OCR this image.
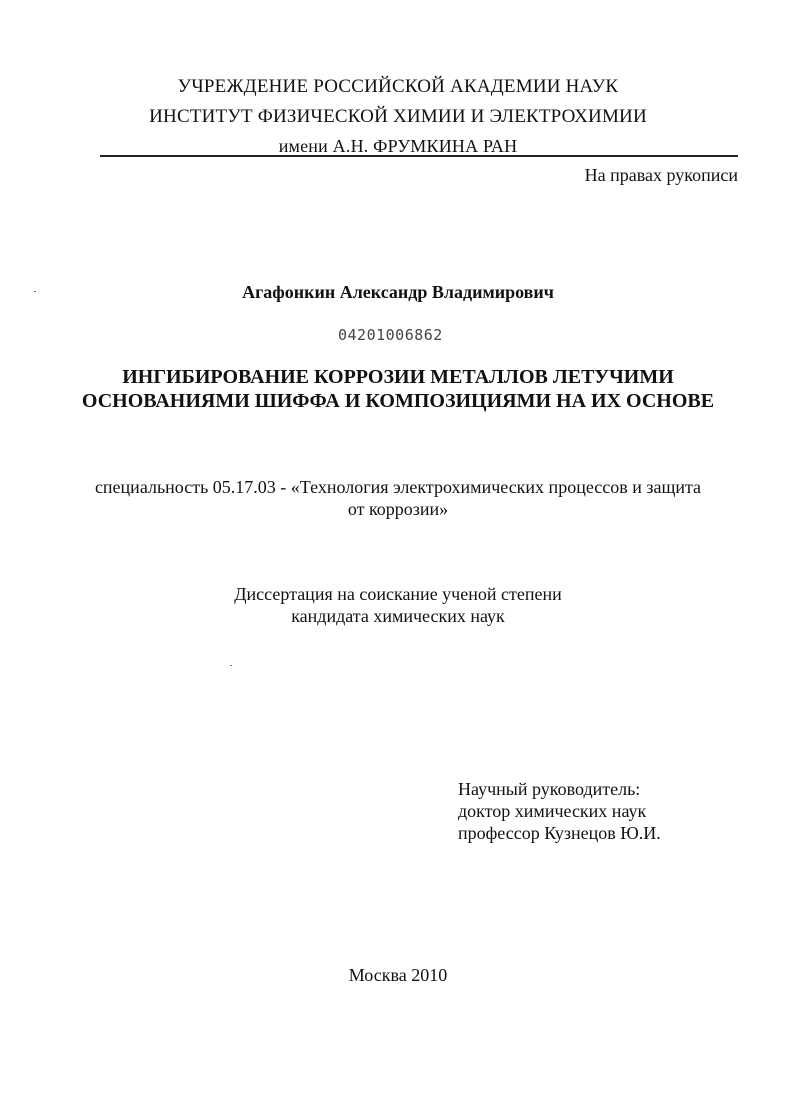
УЧРЕЖДЕНИЕ РОССИЙСКОЙ АКАДЕМИИ НАУК
ИНСТИТУТ ФИЗИЧЕСКОЙ ХИМИИ И ЭЛЕКТРОХИМИИ
имени А.Н. ФРУМКИНА РАН
На правах рукописи
Агафонкин Александр Владимирович
04201006862
ИНГИБИРОВАНИЕ КОРРОЗИИ МЕТАЛЛОВ ЛЕТУЧИМИ
ОСНОВАНИЯМИ ШИФФА И КОМПОЗИЦИЯМИ НА ИХ ОСНОВЕ
специальность 05.17.03 - «Технология электрохимических процессов и защита
от коррозии»
Диссертация на соискание ученой степени
кандидата химических наук
Научный руководитель:
доктор химических наук
профессор Кузнецов Ю.И.
Москва 2010
